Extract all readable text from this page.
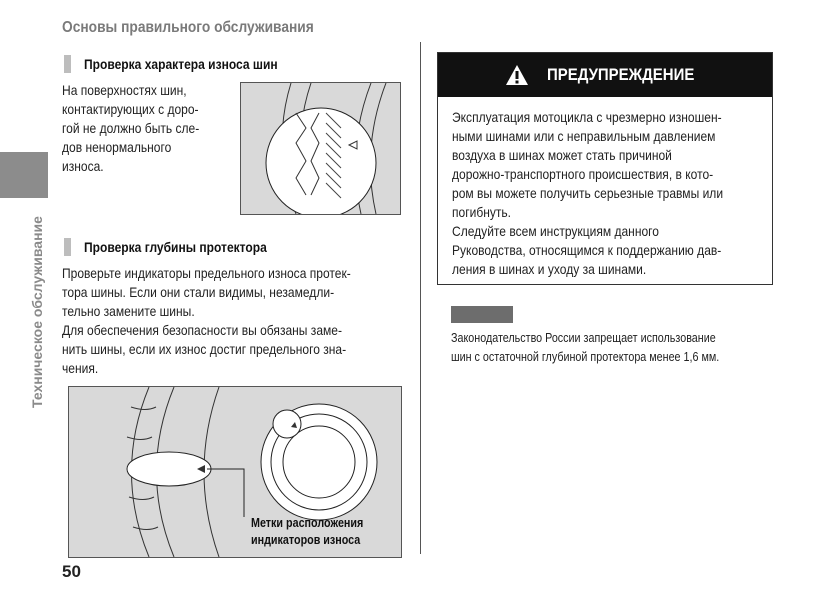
Основы правильного обслуживания
Техническое обслуживание
Проверка характера износа шин
На поверхностях шин,
контактирующих с доро-
гой не должно быть сле-
дов ненормального
износа.
Проверка глубины протектора
Проверьте индикаторы предельного износа протек-
тора шины. Если они стали видимы, незамедли-
тельно замените шины.
Для обеспечения безопасности вы обязаны заме-
нить шины, если их износ достиг предельного зна-
чения.
Метки расположения
индикаторов износа
ПРЕДУПРЕЖДЕНИЕ
Эксплуатация мотоцикла с чрезмерно изношен-
ными шинами или с неправильным давлением
воздуха в шинах может стать причиной
дорожно-транспортного происшествия, в кото-
ром вы можете получить серьезные травмы или
погибнуть.
Следуйте всем инструкциям данного
Руководства, относящимся к поддержанию дав-
ления в шинах и уходу за шинами.
Законодательство России запрещает использование
шин с остаточной глубиной протектора менее 1,6 мм.
50
